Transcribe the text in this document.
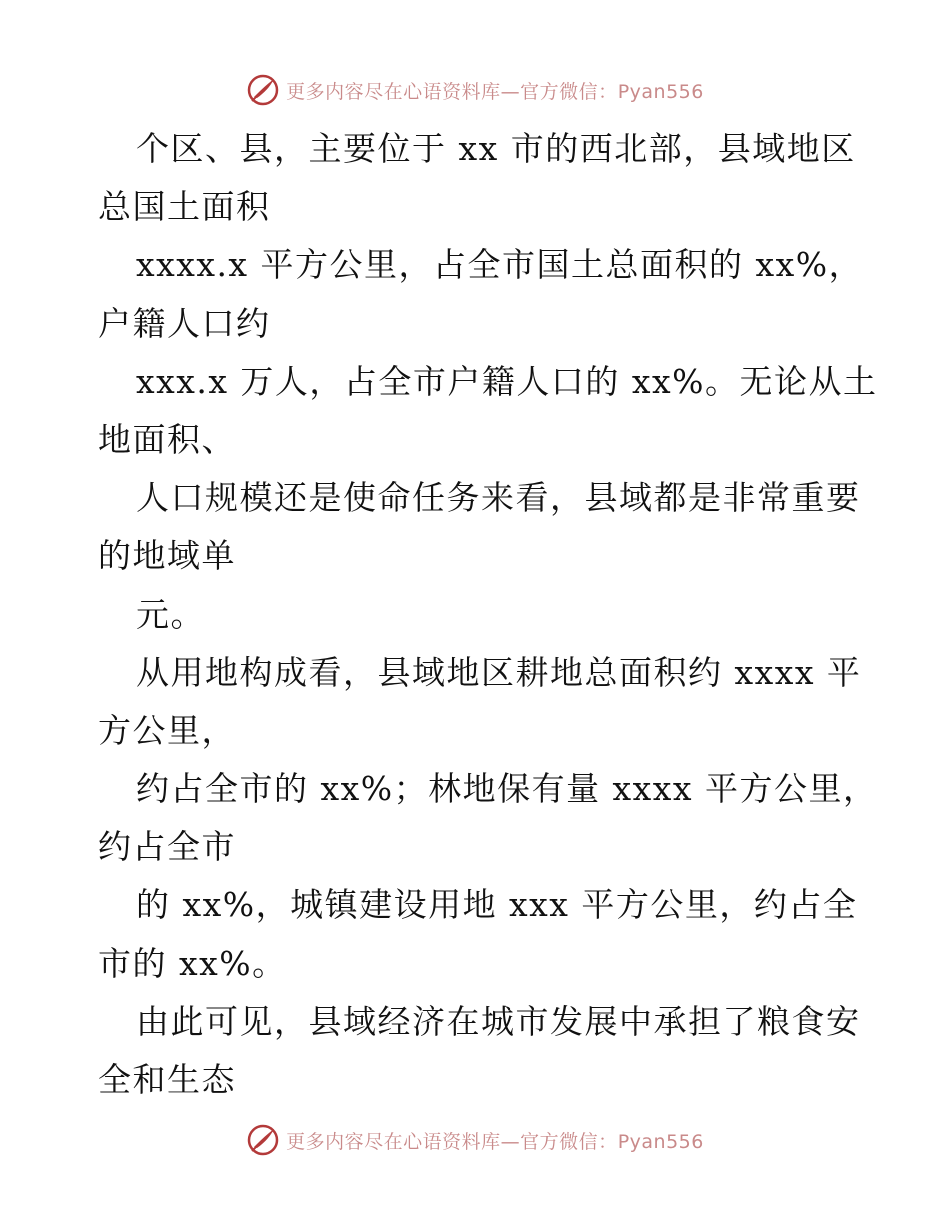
更多内容尽在心语资料库—官方微信：Pyan556
个区、县，主要位于 xx 市的西北部，县域地区
总国土面积
xxxx.x 平方公里，占全市国土总面积的 xx%，
户籍人口约
xxx.x 万人，占全市户籍人口的 xx%。无论从土
地面积、
人口规模还是使命任务来看，县域都是非常重要
的地域单
元。
从用地构成看，县域地区耕地总面积约 xxxx 平
方公里，
约占全市的 xx%；林地保有量 xxxx 平方公里，
约占全市
的 xx%，城镇建设用地 xxx 平方公里，约占全
市的 xx%。
由此可见，县域经济在城市发展中承担了粮食安
全和生态
更多内容尽在心语资料库—官方微信：Pyan556
